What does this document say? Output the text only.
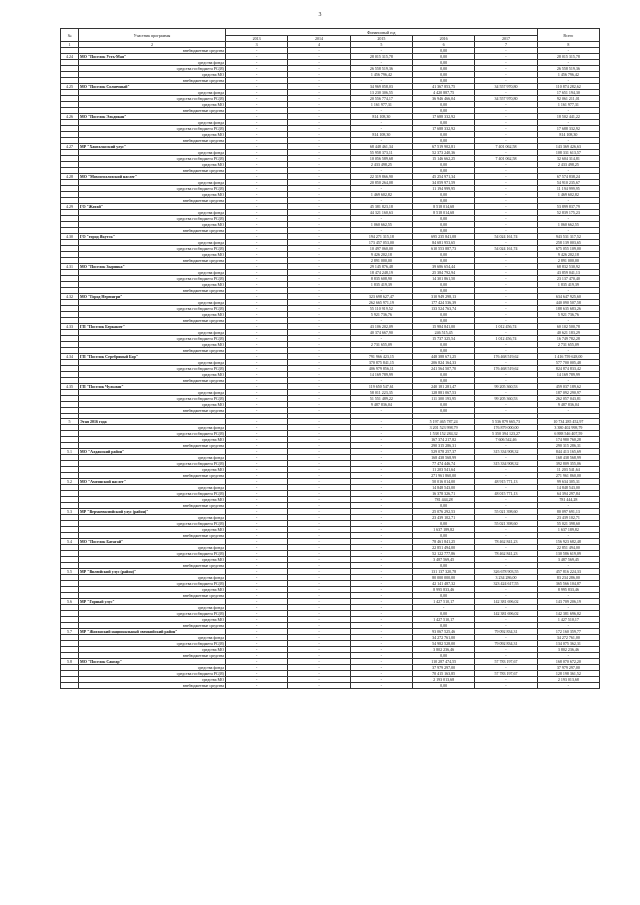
3
№	Участник программы	Финансовый год					Всего
		2013	2014	2015	2016	2017	
1	2	3	4	5	6	7	8
	внебюджетные средства	-	-	-	0,00	-	-
4.24	МО "Поселок Усть-Мая"	-	-	28 015 315,78	0,00	-	28 015 315,78
	средства фонда	-	-	-	0,00	-	-
	средства госбюджета РС(Я)	-	-	26 558 519,36	0,00	-	26 558 519,36
	средства МО	-	-	1 456 796,42	0,00	-	1 456 796,42
	внебюджетные средства	-	-	-	0,00	-	-
4.25	МО "Поселок Солнечный"	-	-	34 969 058,03	41 367 853,75	34 557 970,80	110 874 282,62
	средства фонда	-	-	13 230 306,55	4 420 887,75	-	17 651 194,30
	средства госбюджета РС(Я)	-	-	20 556 774,17	36 946 466,04	34 557 970,80	92 061 211,01
	средства МО	-	-	1 161 977,31	0,00	-	1 161 977,31
	внебюджетные средства	-	-	-	0,00	-	-
4.26	МО "Поселок Эльдикан"	-	-	814 108,30	17 688 332,92	-	18 502 441,22
	средства фонда	-	-	-	0,00	-	-
	средства госбюджета РС(Я)	-	-	-	17 688 332,92	-	17 688 332,92
	средства МО	-	-	814 108,30	0,00	-	814 108,30
	внебюджетные средства	-	-	-	0,00	-	-
4.27	МР "Хангаласский улус"	-	-	68 448 461,34	67 519 902,81	7 401 062,58	143 369 426,63
	средства фонда	-	-	55 958 373,11	52 373 240,36	-	108 331 613,57
	средства госбюджета РС(Я)	-	-	10 056 589,68	15 146 662,25	7 401 062,58	32 604 314,81
	средства МО	-	-	2 433 498,25	0,00	-	2 433 498,25
	внебюджетные средства	-	-	-	0,00	-	-
4.28	МО "Мохсоголлохский наслег"	-	-	22 319 866,90	45 254 971,34	-	67 574 838,24
	средства фонда	-	-	20 850 264,08	34 059 971,59	-	54 910 235,67
	средства госбюджета РС(Я)	-	-	-	11 194 999,95	-	11 194 999,95
	средства МО	-	-	1 469 602,82	0,00	-	1 469 602,82
	внебюджетные средства	-	-	-	0,00	-	-
4.29	ГО "Жатай"	-	-	45 381 823,18	8 518 014,68	-	53 899 837,79
	средства фонда	-	-	44 321 160,63	8 518 014,68	-	52 839 175,23
	средства госбюджета РС(Я)	-	-	-	0,00	-	-
	средства МО	-	-	1 060 662,55	0,00	-	1 060 662,55
	внебюджетные средства	-	-	-	0,00	-	-
4.30	ГО "город Якутск"	-	-	194 271 315,18	695 235 841,08	54 024 161,74	943 531 317,52
	средства фонда	-	-	173 457 053,00	84 681 953,65	-	258 139 003,65
	средства госбюджета РС(Я)	-	-	10 497 060,00	610 553 887,73	54 024 161,74	675 055 109,00
	средства МО	-	-	9 426 202,18	0,00	-	9 426 202,18
	внебюджетные средства	-	-	2 891 000,00	0,00	-	2 891 000,00
4.31	МО "Поселок Зырянка"	-	-	29 145 876,48	39 686 654,44	-	68 832 530,92
	средства фонда	-	-	18 474 248,19	25 384 792,94	-	43 859 041,13
	средства госбюджета РС(Я)	-	-	8 835 608,90	14 301 861,50	-	23 137 470,40
	средства МО	-	-	1 835 419,39	0,00	-	1 835 419,39
	внебюджетные средства	-	-	-	0,00	-	-
4.32	МО "Город Нерюнгри"	-	-	323 698 627,47	310 949 298,13	-	634 647 925,60
	средства фонда	-	-	262 665 971,19	177 424 536,39	-	440 090 507,58
	средства госбюджета РС(Я)	-	-	55 110 919,52	133 524 763,74	-	188 635 683,26
	средства МО	-	-	5 921 736,76	0,00	-	5 921 736,76
	внебюджетные средства	-	-	-	0,00	-	-
4.33	ГП "Поселок Беркакит"	-	-	43 106 202,09	15 984 841,00	1 012 456,74	60 102 500,78
	средства фонда	-	-	40 374 667,90	246 515,45	-	40 621 183,29
	средства госбюджета РС(Я)	-	-	-	15 737 325,54	1 012 456,74	16 749 782,28
	средства МО	-	-	2 731 655,09	0,00	-	2 731 655,09
	внебюджетные средства	-	-	-	0,00	-	-
4.34	ГП "Поселок Серебряный Бор"	-	-	791 966 423,15	448 388 671,25	176 468 519,62	1 416 759 628,00
	средства фонда	-	-	370 875 841,15	206 824 164,33	-	577 700 005,48
	средства госбюджета РС(Я)	-	-	406 979 856,11	241 564 507,70	176 468 519,62	824 874 833,42
	средства МО	-	-	14 169 789,99	0,00	-	14 169 789,99
	внебюджетные средства	-	-	-	0,00	-	-
4.35	ГП "Поселок Чульман"	-	-	119 650 547,61	240 181 281,47	99 205 360,53	459 037 189,62
	средства фонда	-	-	58 011 223,35	128 881 067,53	-	187 092 290,97
	средства госбюджета РС(Я)	-	-	51 551 489,22	111 300 193,95	99 205 360,53	262 057 043,81
	средства МО	-	-	9 487 836,04	0,00	-	9 487 836,04
	внебюджетные средства	-	-	-	0,00	-	-

5	Этап 2016 года	-	-	-	5 197 465 787,24	5 536 879 665,73	10 734 285 452,97
	средства фонда	-	-	-	3 201 523 998,79	176 879 000,00	3 380 402 998,79
	средства госбюджета РС(Я)	-	-	-	1 538 152 284,32	5 350 394 123,27	6 888 546 407,59
	средства МО	-	-	-	167 374 217,82	7 606 542,46	174 980 760,28
	внебюджетные средства	-	-	-	290 315 286,31	-	290 315 286,31
5.1	МО "Алданский район"	-	-	-	529 078 257,37	315 334 908,32	844 413 165,69
	средства фонда	-	-	-	168 438 568,99	-	168 438 568,99
	средства госбюджета РС(Я)	-	-	-	77 474 446,74	315 334 908,32	392 809 355,06
	средства МО	-	-	-	11 203 541,64	-	11 203 541,64
	внебюджетные средства	-	-	-	271 961 860,00	-	271 961 860,00
5.2	МО "Амгинский наслег"	-	-	-	50 016 014,00	48 915 771,13	99 634 305,31
	средства фонда	-	-	-	14 848 543,00	-	14 848 543,00
	средства госбюджета РС(Я)	-	-	-	16 378 326,71	48 015 771,13	64 394 297,84
	средства МО	-	-	-	781 444,28	-	781 444,28
	внебюджетные средства	-	-	-	0,00	-	-
5.3	МР "Верхневилюйский улус (район)"	-	-	-	25 076 292,53	55 021 398,60	80 097 691,13
	средства фонда	-	-	-	23 439 102,71	-	23 439 102,71
	средства госбюджета РС(Я)	-	-	-	0,00	55 021 398,60	55 021 398,60
	средства МО	-	-	-	1 637 189,82	-	1 637 189,82
	внебюджетные средства	-	-	-	0,00	-	-
5.4	МО "Поселок Батагай"	-	-	-	78 461 841,25	78 462 841,23	156 923 682,48
	средства фонда	-	-	-	22 851 494,00	-	22 851 494,00
	средства госбюджета РС(Я)	-	-	-	52 122 777,86	78 462 841,23	130 586 619,09
	средства МО	-	-	-	3 487 569,45	-	3 487 569,45
	внебюджетные средства	-	-	-	0,00	-	-
5.5	МР "Вилюйский улус (район)"	-	-	-	131 137 320,78	326 678 903,55	457 816 224,33
	средства фонда	-	-	-	80 000 000,00	3 234 286,00	83 234 286,00
	средства госбюджета РС(Я)	-	-	-	42 141 487,32	323 424 617,55	365 566 104,87
	средства МО	-	-	-	8 995 833,46	-	8 995 833,46
	внебюджетные средства	-	-	-	0,00	-	-
5.6	МР "Горный улус"	-	-	-	1 427 510,17	142 381 696,02	143 709 206,19
	средства фонда	-	-	-	-	-	-
	средства госбюджета РС(Я)	-	-	-	0,00	142 381 696,02	142 381 696,02
	средства МО	-	-	-	1 427 510,17	-	1 427 510,17
	внебюджетные средства	-	-	-	0,00	-	-
5.7	МР "Жиганский национальный эвенкийский район"	-	-	-	93 067 525,46	79 092 834,31	172 160 359,77
	средства фонда	-	-	-	34 272 761,00	-	34 272 761,00
	средства госбюджета РС(Я)	-	-	-	54 982 528,00	79 092 834,31	134 075 362,31
	средства МО	-	-	-	3 802 236,46	-	3 802 236,46
	внебюджетные средства	-	-	-	0,00	-	-
5.8	МО "Поселок Сангар"	-	-	-	110 287 474,55	57 783 197,67	168 070 672,20
	средства фонда	-	-	-	37 979 297,00	-	37 979 297,00
	средства госбюджета РС(Я)	-	-	-	70 415 163,85	57 783 197,67	128 198 361,52
	средства МО	-	-	-	2 193 013,68	-	2 193 013,68
	внебюджетные средства	-	-	-	0,00	-	-
